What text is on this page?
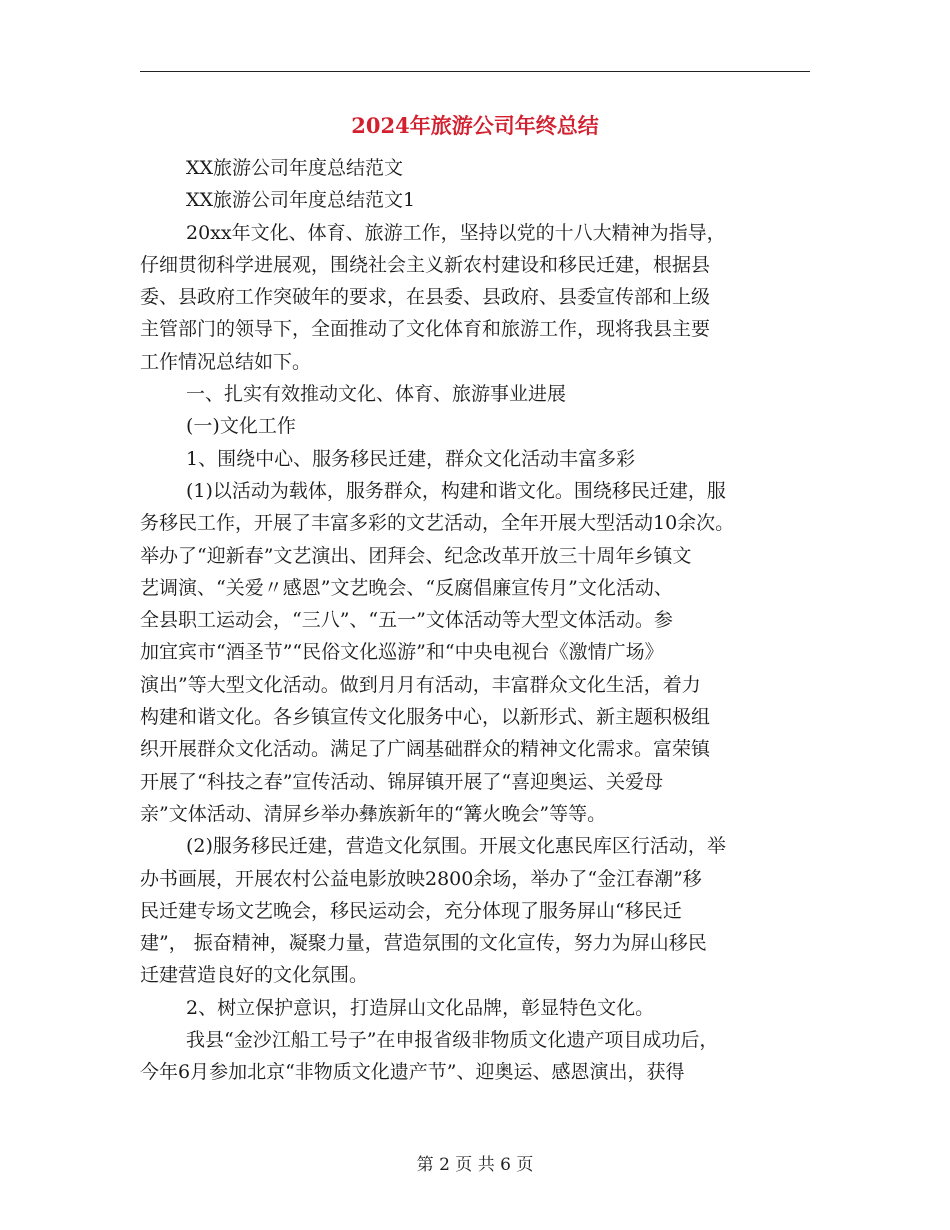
2024年旅游公司年终总结
XX旅游公司年度总结范文
XX旅游公司年度总结范文1
20xx年文化、体育、旅游工作，坚持以党的十八大精神为指导，
仔细贯彻科学进展观，围绕社会主义新农村建设和移民迁建，根据县
委、县政府工作突破年的要求，在县委、县政府、县委宣传部和上级
主管部门的领导下，全面推动了文化体育和旅游工作，现将我县主要
工作情况总结如下。
一、扎实有效推动文化、体育、旅游事业进展
(一)文化工作
1、围绕中心、服务移民迁建，群众文化活动丰富多彩
(1)以活动为载体，服务群众，构建和谐文化。围绕移民迁建，服
务移民工作，开展了丰富多彩的文艺活动，全年开展大型活动10余次。
举办了“迎新春”文艺演出、团拜会、纪念改革开放三十周年乡镇文
艺调演、“关爱〃感恩”文艺晚会、“反腐倡廉宣传月”文化活动、
全县职工运动会，“三八”、“五一”文体活动等大型文体活动。参
加宜宾市“酒圣节”“民俗文化巡游”和“中央电视台《激情广场》
演出”等大型文化活动。做到月月有活动，丰富群众文化生活，着力
构建和谐文化。各乡镇宣传文化服务中心，以新形式、新主题积极组
织开展群众文化活动。满足了广阔基础群众的精神文化需求。富荣镇
开展了“科技之春”宣传活动、锦屏镇开展了“喜迎奥运、关爱母
亲”文体活动、清屏乡举办彝族新年的“篝火晚会”等等。
(2)服务移民迁建，营造文化氛围。开展文化惠民库区行活动，举
办书画展，开展农村公益电影放映2800余场，举办了“金江春潮”移
民迁建专场文艺晚会，移民运动会，充分体现了服务屏山“移民迁
建”， 振奋精神，凝聚力量，营造氛围的文化宣传，努力为屏山移民
迁建营造良好的文化氛围。
2、树立保护意识，打造屏山文化品牌，彰显特色文化。
我县“金沙江船工号子”在申报省级非物质文化遗产项目成功后，
今年6月参加北京“非物质文化遗产节”、迎奥运、感恩演出，获得
第 2 页 共 6 页
